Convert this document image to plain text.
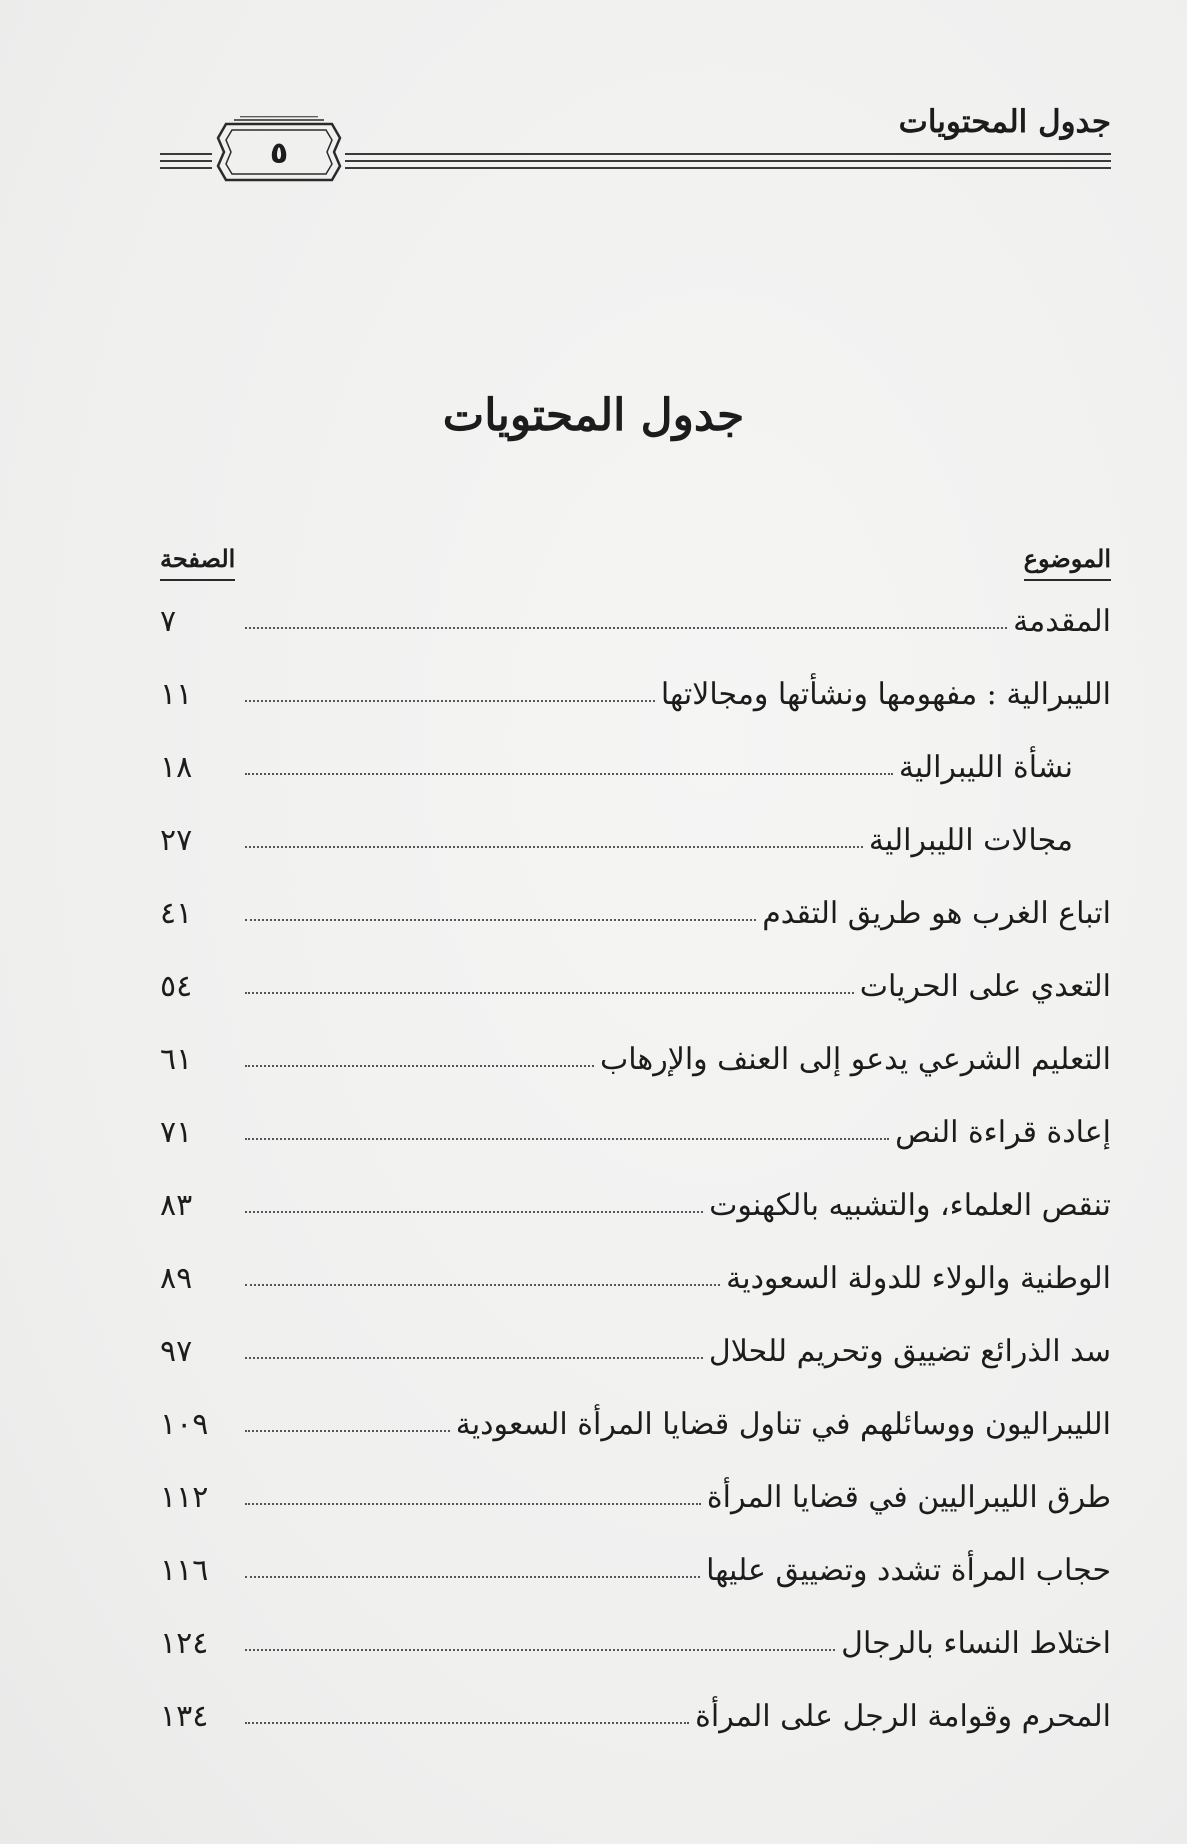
جدول المحتويات
٥
جدول المحتويات
الموضوع
الصفحة
المقدمة
٧
الليبرالية : مفهومها ونشأتها ومجالاتها
١١
نشأة الليبرالية
١٨
مجالات الليبرالية
٢٧
اتباع الغرب هو طريق التقدم
٤١
التعدي على الحريات
٥٤
التعليم الشرعي يدعو إلى العنف والإرهاب
٦١
إعادة قراءة النص
٧١
تنقص العلماء، والتشبيه بالكهنوت
٨٣
الوطنية والولاء للدولة السعودية
٨٩
سد الذرائع تضييق وتحريم للحلال
٩٧
الليبراليون ووسائلهم في تناول قضايا المرأة السعودية
١٠٩
طرق الليبراليين في قضايا المرأة
١١٢
حجاب المرأة تشدد وتضييق عليها
١١٦
اختلاط النساء بالرجال
١٢٤
المحرم وقوامة الرجل على المرأة
١٣٤
